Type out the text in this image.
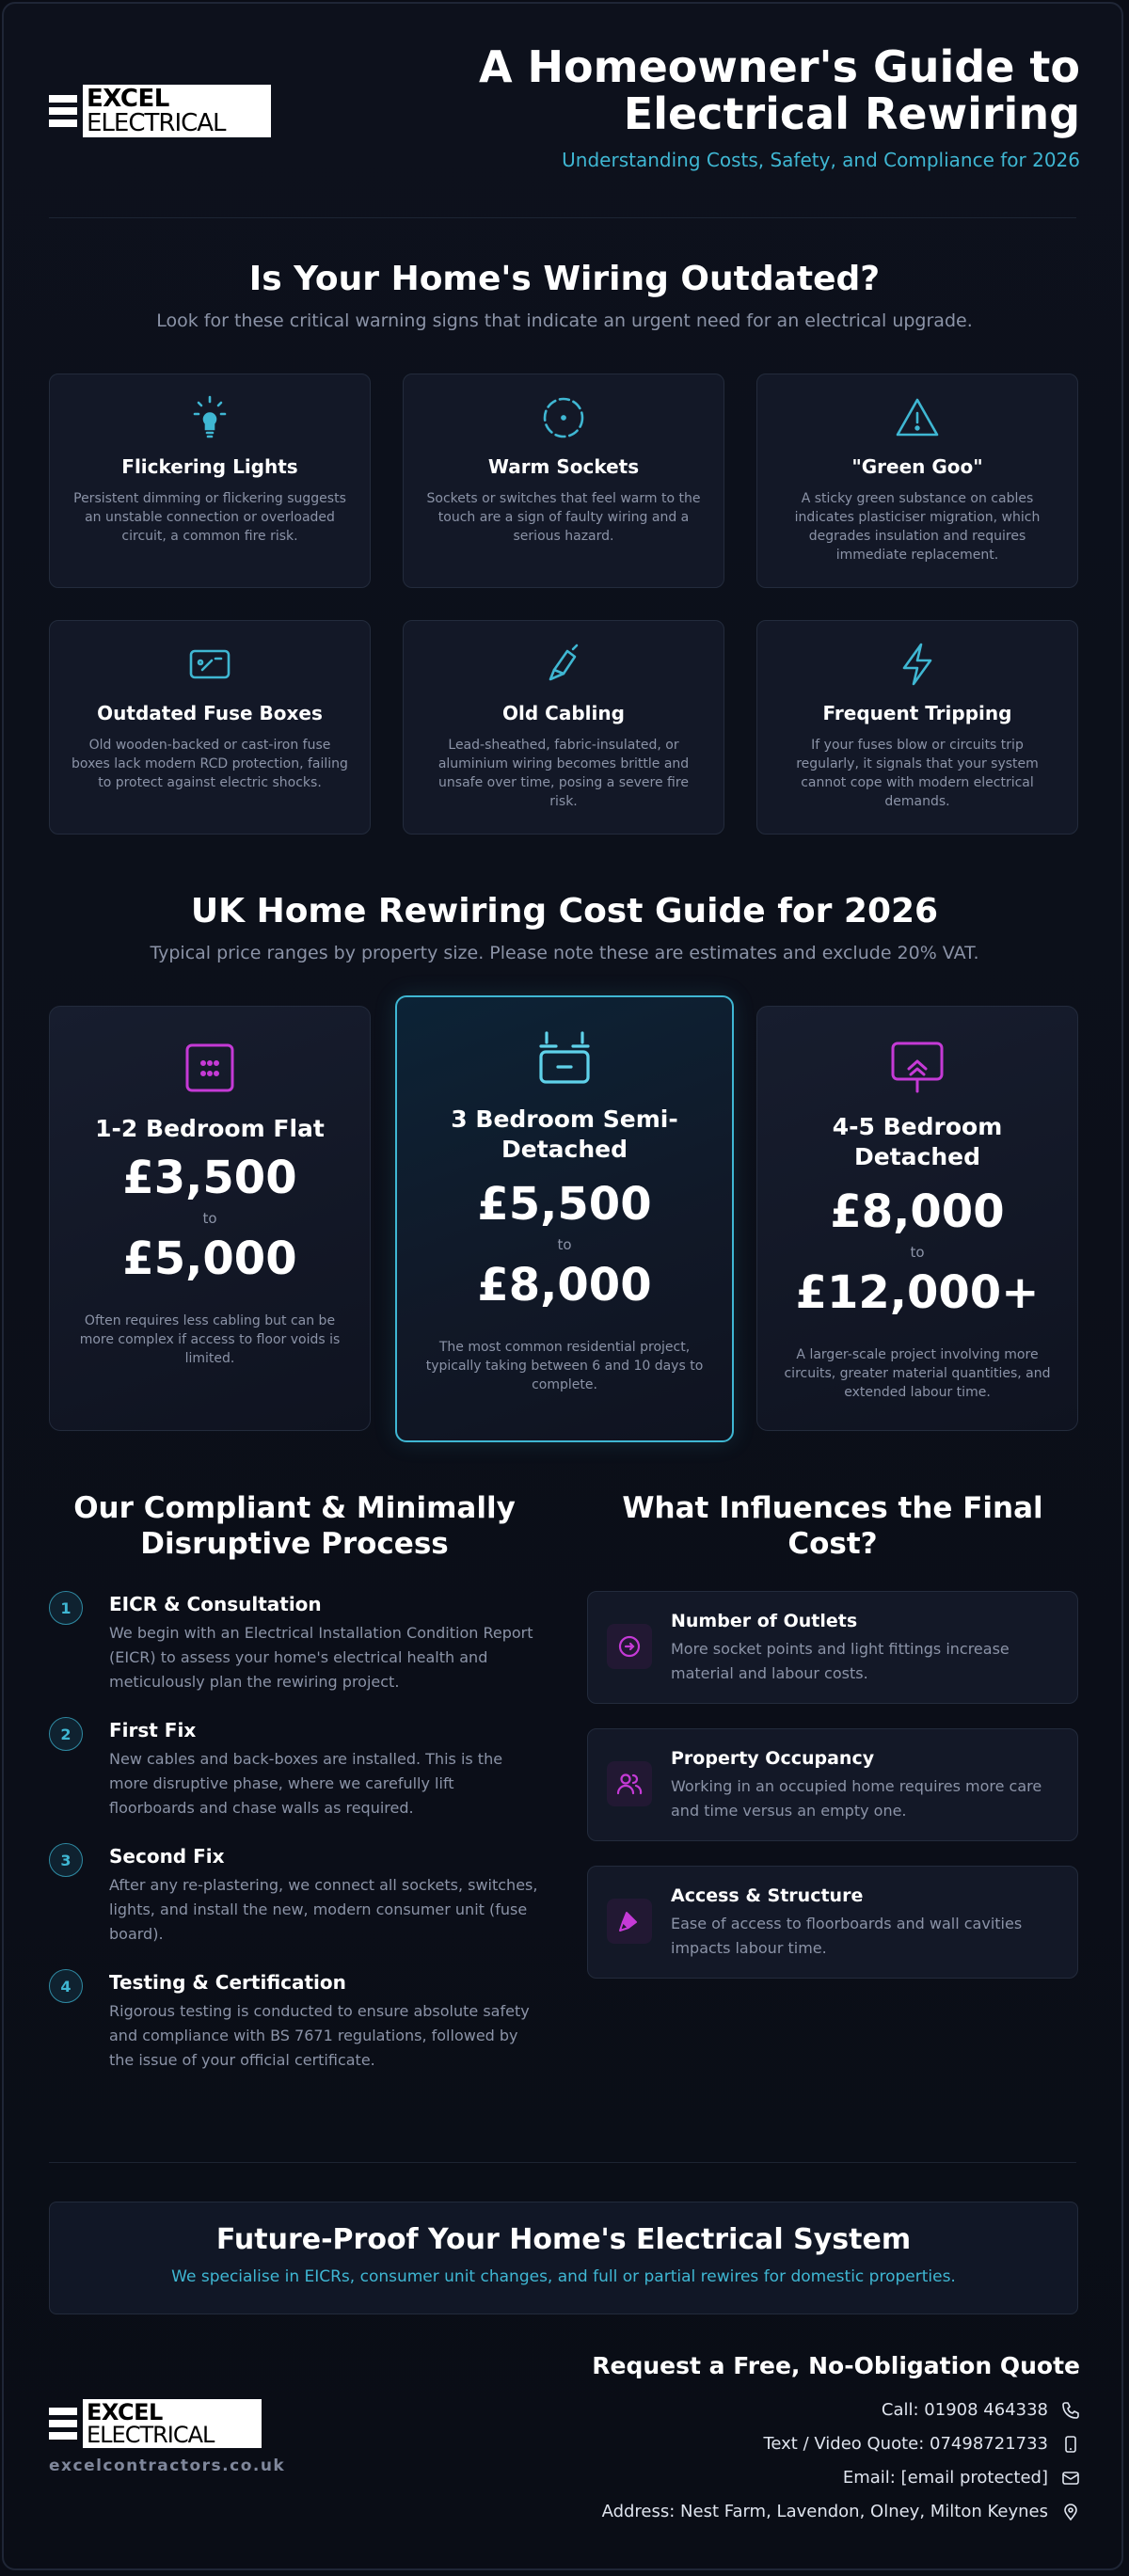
EXCEL
ELECTRICAL
A Homeowner's Guide to
Electrical Rewiring
Understanding Costs, Safety, and Compliance for 2026
Is Your Home's Wiring Outdated?
Look for these critical warning signs that indicate an urgent need for an electrical upgrade.
Flickering Lights
Persistent dimming or flickering suggests an unstable connection or overloaded circuit, a common fire risk.
Warm Sockets
Sockets or switches that feel warm to the touch are a sign of faulty wiring and a serious hazard.
"Green Goo"
A sticky green substance on cables indicates plasticiser migration, which degrades insulation and requires immediate replacement.
Outdated Fuse Boxes
Old wooden-backed or cast-iron fuse boxes lack modern RCD protection, failing to protect against electric shocks.
Old Cabling
Lead-sheathed, fabric-insulated, or aluminium wiring becomes brittle and unsafe over time, posing a severe fire risk.
Frequent Tripping
If your fuses blow or circuits trip regularly, it signals that your system cannot cope with modern electrical demands.
UK Home Rewiring Cost Guide for 2026
Typical price ranges by property size. Please note these are estimates and exclude 20% VAT.
1-2 Bedroom Flat
£3,500
to
£5,000
Often requires less cabling but can be more complex if access to floor voids is limited.
3 Bedroom Semi-Detached
£5,500
to
£8,000
The most common residential project, typically taking between 6 and 10 days to complete.
4-5 Bedroom Detached
£8,000
to
£12,000+
A larger-scale project involving more circuits, greater material quantities, and extended labour time.
Our Compliant & Minimally Disruptive Process
1	EICR & Consultation
We begin with an Electrical Installation Condition Report (EICR) to assess your home's electrical health and meticulously plan the rewiring project.
2	First Fix
New cables and back-boxes are installed. This is the more disruptive phase, where we carefully lift floorboards and chase walls as required.
3	Second Fix
After any re-plastering, we connect all sockets, switches, lights, and install the new, modern consumer unit (fuse board).
4	Testing & Certification
Rigorous testing is conducted to ensure absolute safety and compliance with BS 7671 regulations, followed by the issue of your official certificate.
What Influences the Final Cost?
Number of Outlets
More socket points and light fittings increase material and labour costs.
Property Occupancy
Working in an occupied home requires more care and time versus an empty one.
Access & Structure
Ease of access to floorboards and wall cavities impacts labour time.
Future-Proof Your Home's Electrical System
We specialise in EICRs, consumer unit changes, and full or partial rewires for domestic properties.
EXCEL
ELECTRICAL
excelcontractors.co.uk
Request a Free, No-Obligation Quote
Call: 01908 464338
Text / Video Quote: 07498721733
Email: [email protected]
Address: Nest Farm, Lavendon, Olney, Milton Keynes
